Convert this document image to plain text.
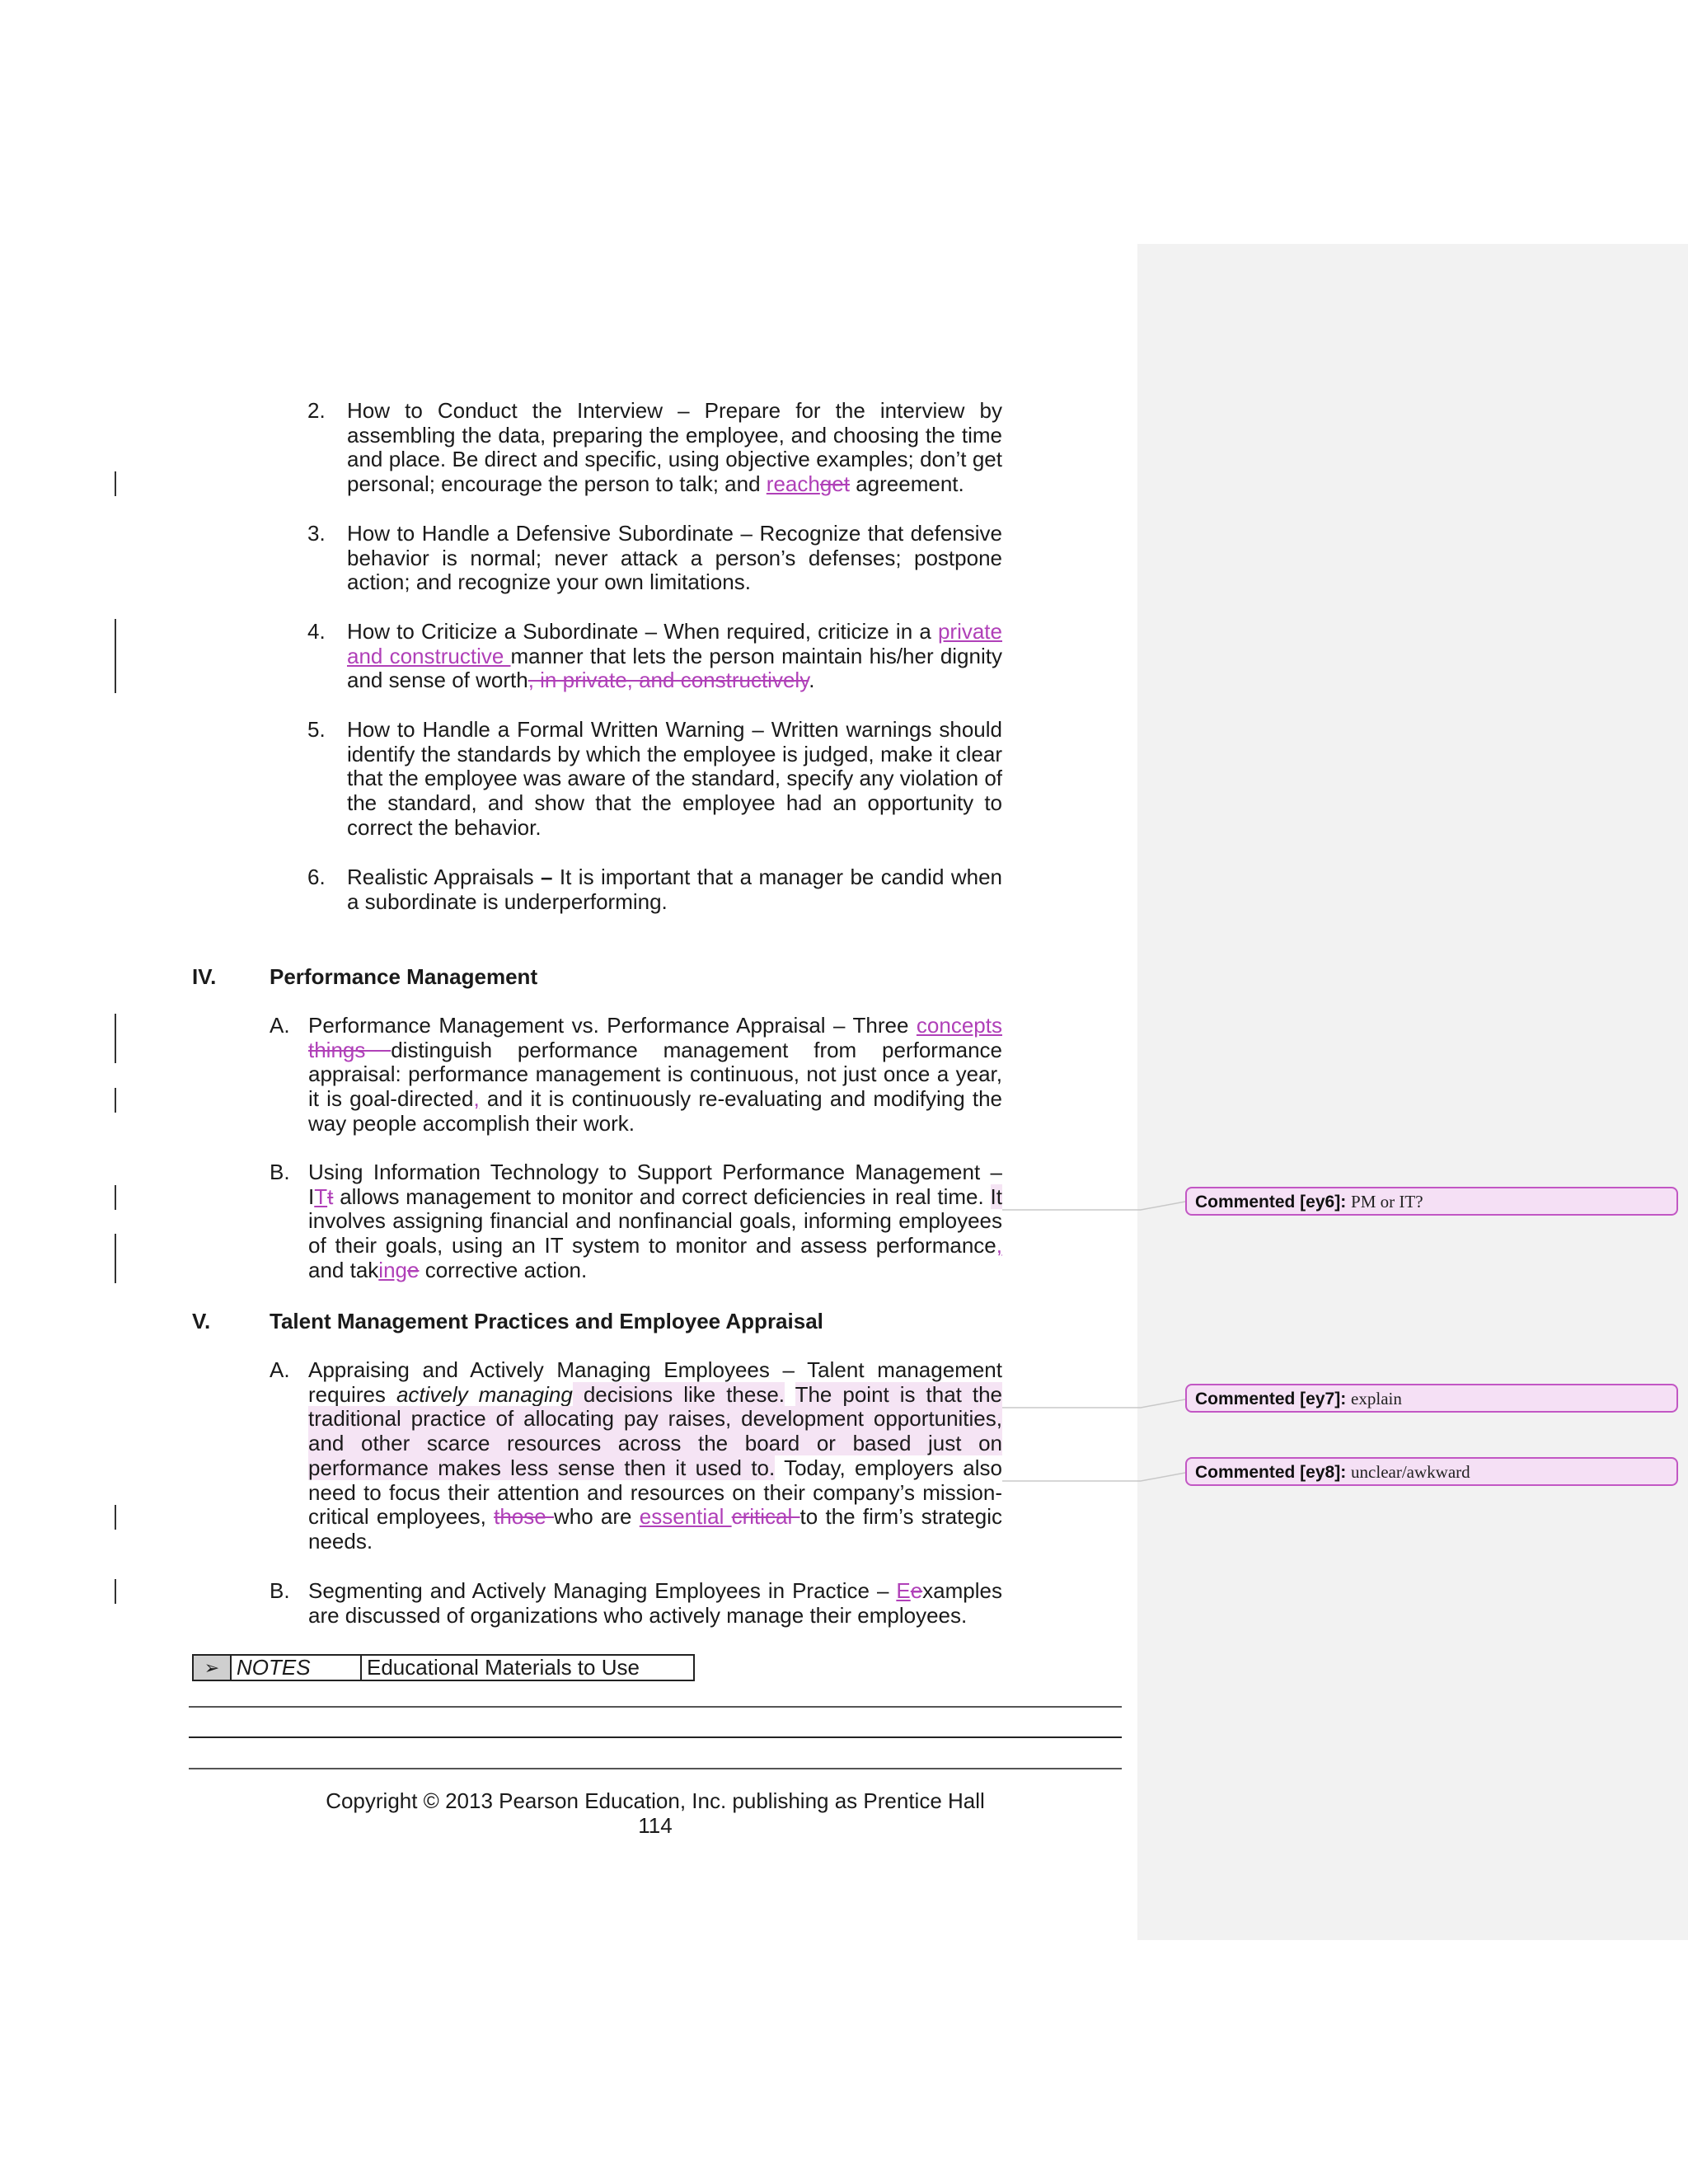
2. How to Conduct the Interview – Prepare for the interview by assembling the data, preparing the employee, and choosing the time and place. Be direct and specific, using objective examples; don’t get personal; encourage the person to talk; and reachget agreement.
3. How to Handle a Defensive Subordinate – Recognize that defensive behavior is normal; never attack a person’s defenses; postpone action; and recognize your own limitations.
4. How to Criticize a Subordinate – When required, criticize in a private and constructive manner that lets the person maintain his/her dignity and sense of worth, in private, and constructively.
5. How to Handle a Formal Written Warning – Written warnings should identify the standards by which the employee is judged, make it clear that the employee was aware of the standard, specify any violation of the standard, and show that the employee had an opportunity to correct the behavior.
6. Realistic Appraisals – It is important that a manager be candid when a subordinate is underperforming.
IV. Performance Management
A. Performance Management vs. Performance Appraisal – Three concepts things distinguish performance management from performance appraisal: performance management is continuous, not just once a year, it is goal-directed, and it is continuously re-evaluating and modifying the way people accomplish their work.
B. Using Information Technology to Support Performance Management – ITt allows management to monitor and correct deficiencies in real time. It involves assigning financial and nonfinancial goals, informing employees of their goals, using an IT system to monitor and assess performance, and takinge corrective action.
V.	Talent Management Practices and Employee Appraisal
A. Appraising and Actively Managing Employees – Talent management requires actively managing decisions like these. The point is that the traditional practice of allocating pay raises, development opportunities, and other scarce resources across the board or based just on performance makes less sense then it used to. Today, employers also need to focus their attention and resources on their company’s mission-critical employees, those who are essential critical to the firm’s strategic needs.
B. Segmenting and Actively Managing Employees in Practice – Eexamples are discussed of organizations who actively manage their employees.
➢ NOTES	Educational Materials to Use
Copyright © 2013 Pearson Education, Inc. publishing as Prentice Hall
114
Commented [ey6]: PM or IT?
Commented [ey7]: explain
Commented [ey8]: unclear/awkward
